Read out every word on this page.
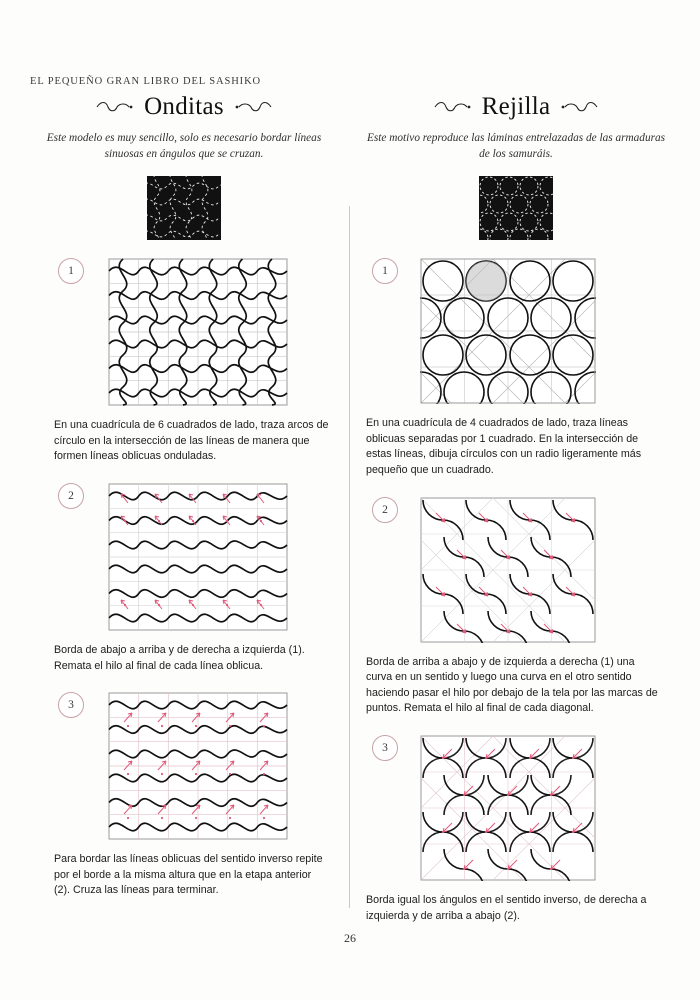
EL PEQUEÑO GRAN LIBRO DEL SASHIKO
Onditas

Este modelo es muy sencillo, solo es necesario bordar líneas sinuosas en ángulos que se cruzan.

1

En una cuadrícula de 6 cuadrados de lado, traza arcos de círculo en la intersección de las líneas de manera que formen líneas oblicuas onduladas.

2

Borda de abajo a arriba y de derecha a izquierda (1). Remata el hilo al final de cada línea oblicua.

3

Para bordar las líneas oblicuas del sentido inverso repite por el borde a la misma altura que en la etapa anterior (2). Cruza las líneas para terminar.

Rejilla

Este motivo reproduce las láminas entrelazadas de las armaduras de los samuráis.

1

En una cuadrícula de 4 cuadrados de lado, traza líneas oblicuas separadas por 1 cuadrado. En la intersección de estas líneas, dibuja círculos con un radio ligeramente más pequeño que un cuadrado.

2

Borda de arriba a abajo y de izquierda a derecha (1) una curva en un sentido y luego una curva en el otro sentido haciendo pasar el hilo por debajo de la tela por las marcas de puntos. Remata el hilo al final de cada diagonal.

3

Borda igual los ángulos en el sentido inverso, de derecha a izquierda y de arriba a abajo (2).

26
